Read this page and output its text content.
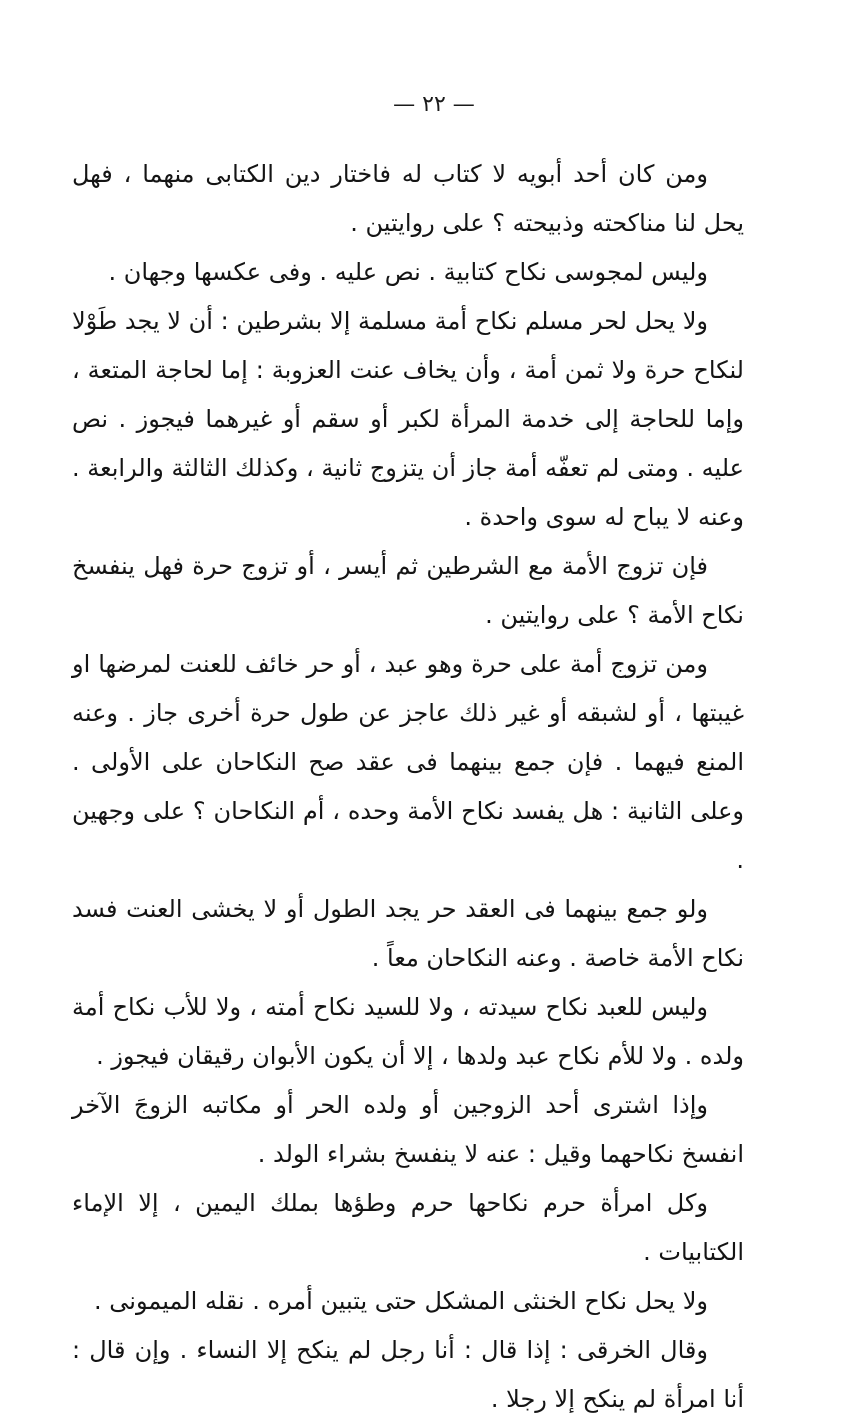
— ٢٢ —

ومن كان أحد أبويه لا كتاب له فاختار دين الكتابى منهما ، فهل يحل لنا مناكحته وذبيحته ؟ على روايتين .

وليس لمجوسى نكاح كتابية . نص عليه . وفى عكسها وجهان .

ولا يحل لحر مسلم نكاح أمة مسلمة إلا بشرطين : أن لا يجد طَوْلا لنكاح حرة ولا ثمن أمة ، وأن يخاف عنت العزوبة : إما لحاجة المتعة ، وإما للحاجة إلى خدمة المرأة لكبر أو سقم أو غيرهما فيجوز . نص عليه . ومتى لم تعفّه أمة جاز أن يتزوج ثانية ، وكذلك الثالثة والرابعة . وعنه لا يباح له سوى واحدة .

فإن تزوج الأمة مع الشرطين ثم أيسر ، أو تزوج حرة فهل ينفسخ نكاح الأمة ؟ على روايتين .

ومن تزوج أمة على حرة وهو عبد ، أو حر خائف للعنت لمرضها او غيبتها ، أو لشبقه أو غير ذلك عاجز عن طول حرة أخرى جاز . وعنه المنع فيهما . فإن جمع بينهما فى عقد صح النكاحان على الأولى . وعلى الثانية : هل يفسد نكاح الأمة وحده ، أم النكاحان ؟ على وجهين .

ولو جمع بينهما فى العقد حر يجد الطول أو لا يخشى العنت فسد نكاح الأمة خاصة . وعنه النكاحان معاً .

وليس للعبد نكاح سيدته ، ولا للسيد نكاح أمته ، ولا للأب نكاح أمة ولده . ولا للأم نكاح عبد ولدها ، إلا أن يكون الأبوان رقيقان فيجوز .

وإذا اشترى أحد الزوجين أو ولده الحر أو مكاتبه الزوجَ الآخر انفسخ نكاحهما وقيل : عنه لا ينفسخ بشراء الولد .

وكل امرأة حرم نكاحها حرم وطؤها بملك اليمين ، إلا الإماء الكتابيات .

ولا يحل نكاح الخنثى المشكل حتى يتبين أمره . نقله الميمونى .

وقال الخرقى : إذا قال : أنا رجل لم ينكح إلا النساء . وإن قال : أنا امرأة لم ينكح إلا رجلا .
